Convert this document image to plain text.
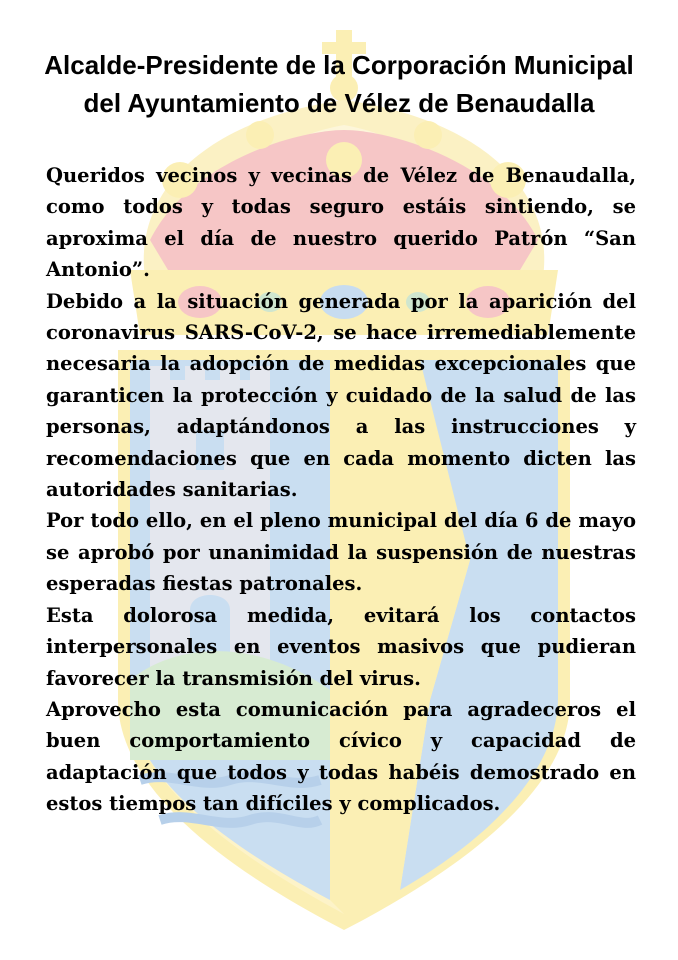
Alcalde-Presidente de la Corporación Municipal
del Ayuntamiento de Vélez de Benaudalla

Queridos vecinos y vecinas de Vélez de Benaudalla, como todos y todas seguro estáis sintiendo, se aproxima el día de nuestro querido Patrón “San Antonio”.

Debido a la situación generada por la aparición del coronavirus SARS-CoV-2, se hace irremediablemente necesaria la adopción de medidas excepcionales que garanticen la protección y cuidado de la salud de las personas, adaptándonos a las instrucciones y recomendaciones que en cada momento dicten las autoridades sanitarias.

Por todo ello, en el pleno municipal del día 6 de mayo se aprobó por unanimidad la suspensión de nuestras esperadas fiestas patronales.

Esta dolorosa medida, evitará los contactos interpersonales en eventos masivos que pudieran favorecer la transmisión del virus.

Aprovecho esta comunicación para agradeceros el buen comportamiento cívico y capacidad de adaptación que todos y todas habéis demostrado en estos tiempos tan difíciles y complicados.
